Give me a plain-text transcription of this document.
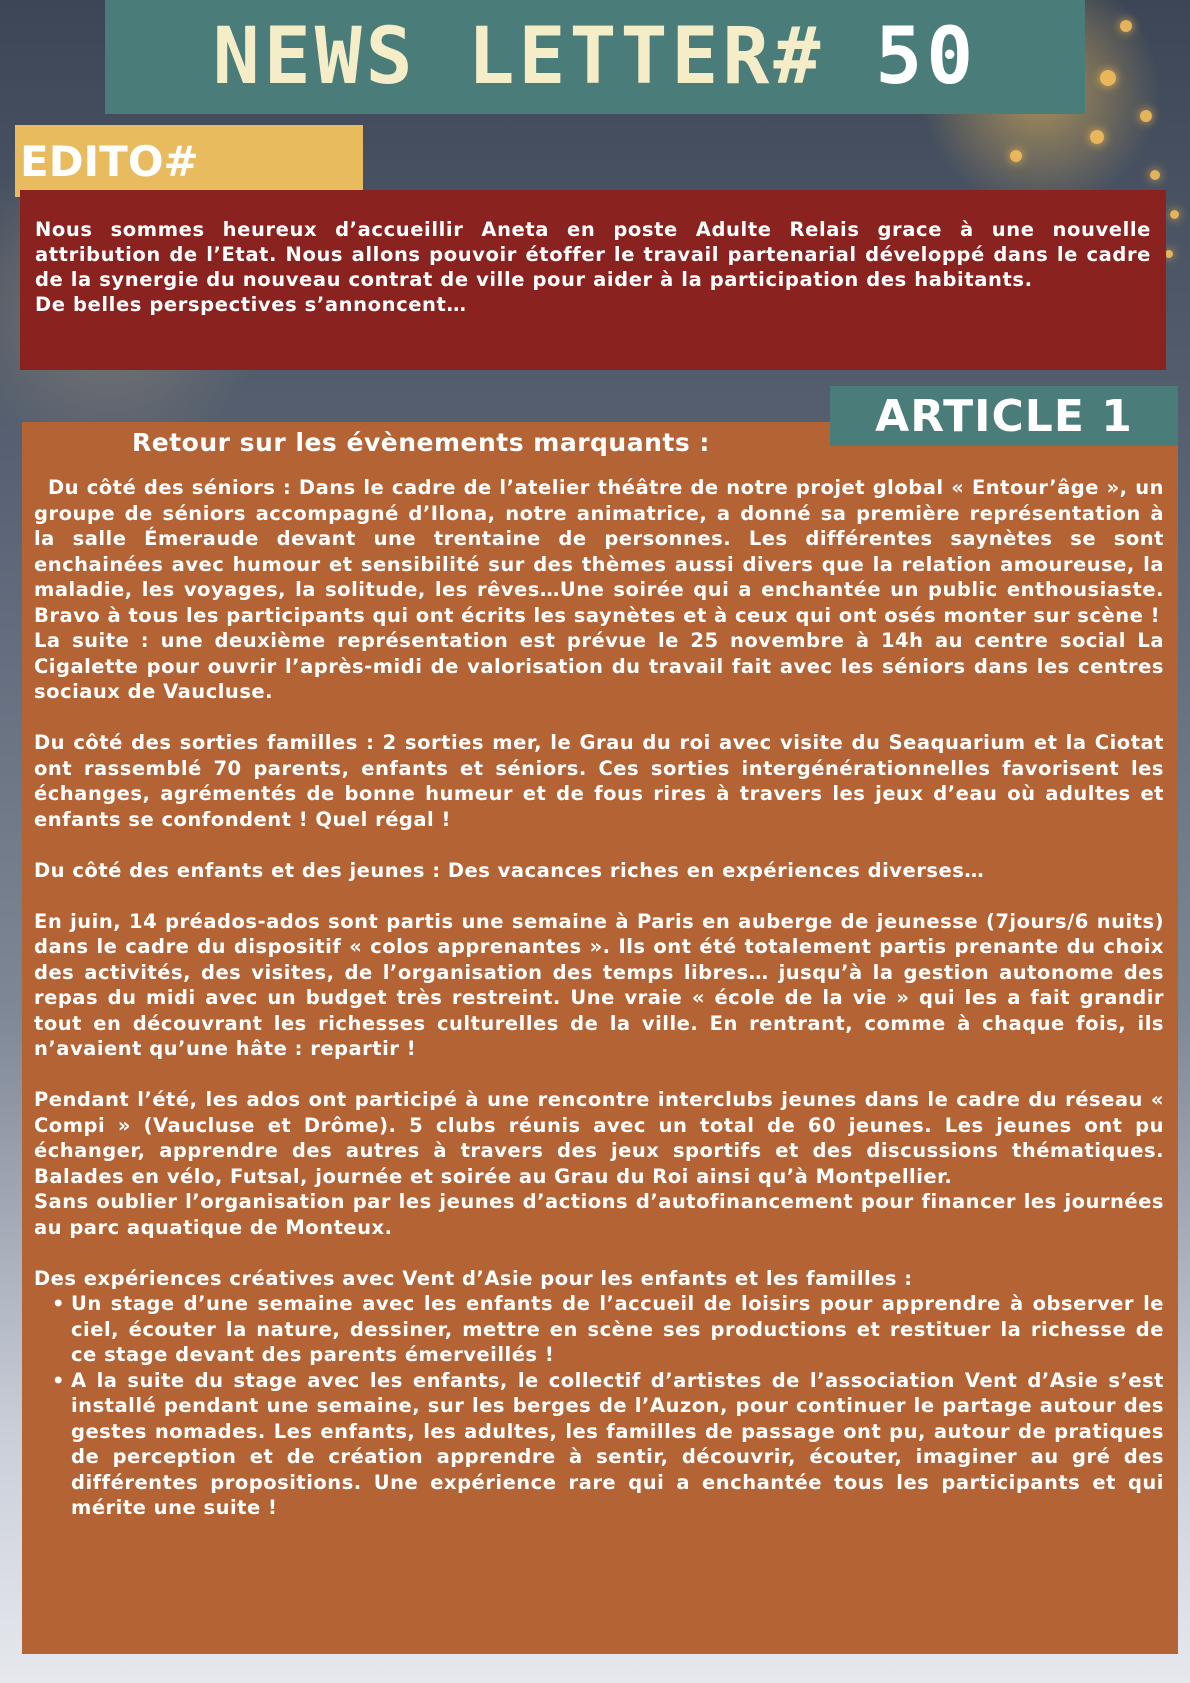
NEWS LETTER# 50
EDITO#

Nous sommes heureux d’accueillir Aneta en poste Adulte Relais grace à une nouvelle attribution de l’Etat. Nous allons pouvoir étoffer le travail partenarial développé dans le cadre de la synergie du nouveau contrat de ville pour aider à la participation des habitants.

De belles perspectives s’annoncent…

Retour sur les évènements marquants :

Du côté des séniors : Dans le cadre de l’atelier théâtre de notre projet global « Entour’âge », un groupe de séniors accompagné d’Ilona, notre animatrice, a donné sa première représentation à la salle Émeraude devant une trentaine de personnes. Les différentes saynètes se sont enchainées avec humour et sensibilité sur des thèmes aussi divers que la relation amoureuse, la maladie, les voyages, la solitude, les rêves…Une soirée qui a enchantée un public enthousiaste. Bravo à tous les participants qui ont écrits les saynètes et à ceux qui ont osés monter sur scène !

La suite : une deuxième représentation est prévue le 25 novembre à 14h au centre social La Cigalette pour ouvrir l’après-midi de valorisation du travail fait avec les séniors dans les centres sociaux de Vaucluse.

Du côté des sorties familles : 2 sorties mer, le Grau du roi avec visite du Seaquarium et la Ciotat ont rassemblé 70 parents, enfants et séniors. Ces sorties intergénérationnelles favorisent les échanges, agrémentés de bonne humeur et de fous rires à travers les jeux d’eau où adultes et enfants se confondent ! Quel régal !

Du côté des enfants et des jeunes : Des vacances riches en expériences diverses…

En juin, 14 préados-ados sont partis une semaine à Paris en auberge de jeunesse (7jours/6 nuits) dans le cadre du dispositif « colos apprenantes ». Ils ont été totalement partis prenante du choix des activités, des visites, de l’organisation des temps libres… jusqu’à la gestion autonome des repas du midi avec un budget très restreint. Une vraie « école de la vie » qui les a fait grandir tout en découvrant les richesses culturelles de la ville. En rentrant, comme à chaque fois, ils n’avaient qu’une hâte : repartir !

Pendant l’été, les ados ont participé à une rencontre interclubs jeunes dans le cadre du réseau « Compi » (Vaucluse et Drôme). 5 clubs réunis avec un total de 60 jeunes. Les jeunes ont pu échanger, apprendre des autres à travers des jeux sportifs et des discussions thématiques. Balades en vélo, Futsal, journée et soirée au Grau du Roi ainsi qu’à Montpellier.

Sans oublier l’organisation par les jeunes d’actions d’autofinancement pour financer les journées au parc aquatique de Monteux.

Des expériences créatives avec Vent d’Asie pour les enfants et les familles :

• Un stage d’une semaine avec les enfants de l’accueil de loisirs pour apprendre à observer le ciel, écouter la nature, dessiner, mettre en scène ses productions et restituer la richesse de ce stage devant des parents émerveillés !
• A la suite du stage avec les enfants, le collectif d’artistes de l’association Vent d’Asie s’est installé pendant une semaine, sur les berges de l’Auzon, pour continuer le partage autour des gestes nomades. Les enfants, les adultes, les familles de passage ont pu, autour de pratiques de perception et de création apprendre à sentir, découvrir, écouter, imaginer au gré des différentes propositions. Une expérience rare qui a enchantée tous les participants et qui mérite une suite !
ARTICLE 1
